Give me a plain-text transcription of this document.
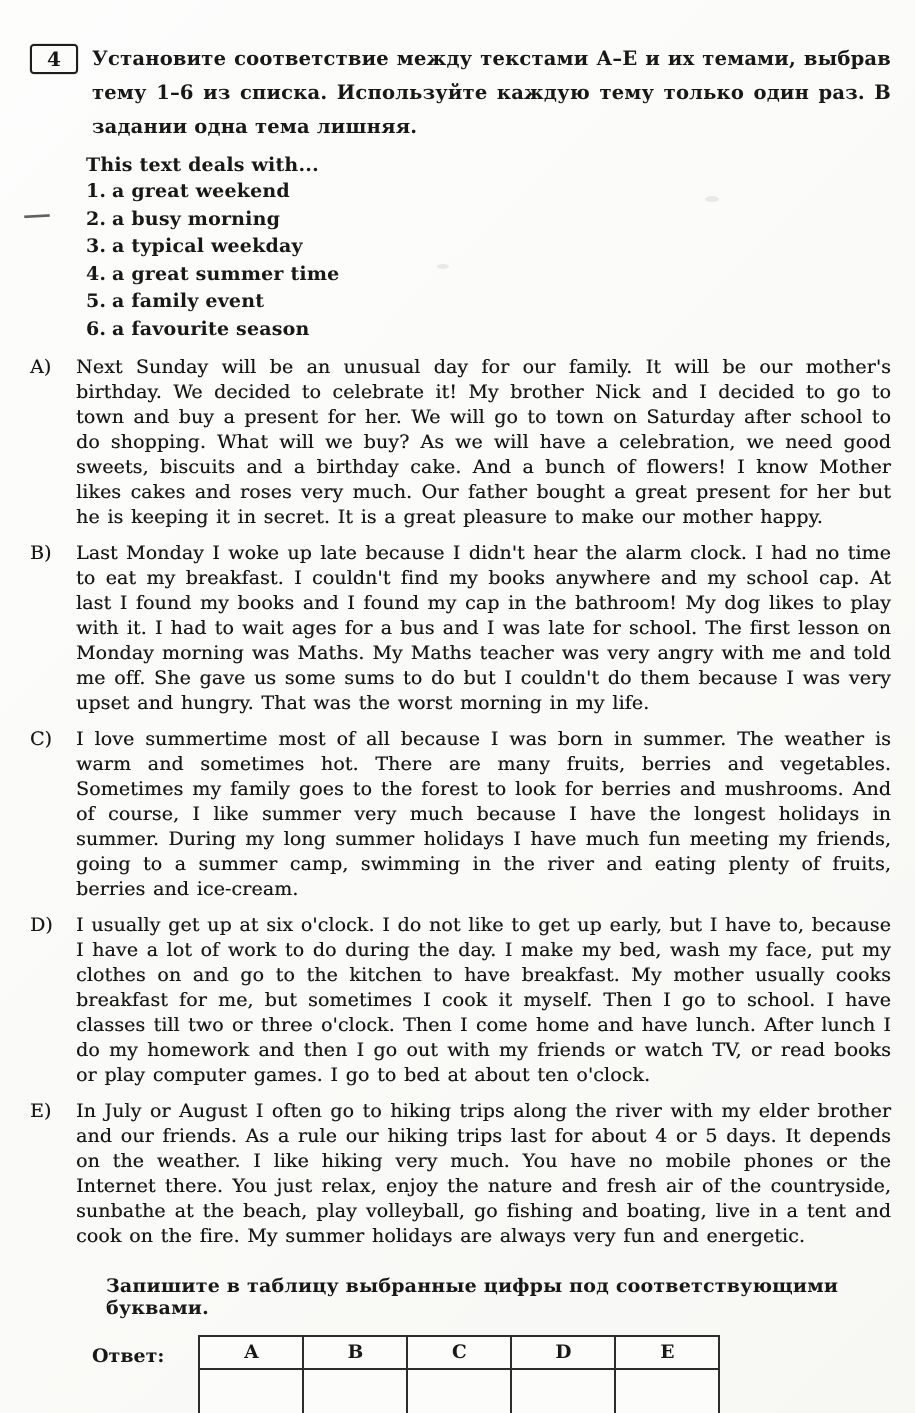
4	Установите соответствие между текстами А–Е и их темами, выбрав тему 1–6 из списка. Используйте каждую тему только один раз. В задании одна тема лишняя.
This text deals with...
1. a great weekend
— 2. a busy morning
3. a typical weekday
4. a great summer time
5. a family event
6. a favourite season
A)	Next Sunday will be an unusual day for our family. It will be our mother's birthday. We decided to celebrate it! My brother Nick and I decided to go to town and buy a present for her. We will go to town on Saturday after school to do shopping. What will we buy? As we will have a celebration, we need good sweets, biscuits and a birthday cake. And a bunch of flowers! I know Mother likes cakes and roses very much. Our father bought a great present for her but he is keeping it in secret. It is a great pleasure to make our mother happy.
B)	Last Monday I woke up late because I didn't hear the alarm clock. I had no time to eat my breakfast. I couldn't find my books anywhere and my school cap. At last I found my books and I found my cap in the bathroom! My dog likes to play with it. I had to wait ages for a bus and I was late for school. The first lesson on Monday morning was Maths. My Maths teacher was very angry with me and told me off. She gave us some sums to do but I couldn't do them because I was very upset and hungry. That was the worst morning in my life.
C)	I love summertime most of all because I was born in summer. The weather is warm and sometimes hot. There are many fruits, berries and vegetables. Sometimes my family goes to the forest to look for berries and mushrooms. And of course, I like summer very much because I have the longest holidays in summer. During my long summer holidays I have much fun meeting my friends, going to a summer camp, swimming in the river and eating plenty of fruits, berries and ice-cream.
D)	I usually get up at six o'clock. I do not like to get up early, but I have to, because I have a lot of work to do during the day. I make my bed, wash my face, put my clothes on and go to the kitchen to have breakfast. My mother usually cooks breakfast for me, but sometimes I cook it myself. Then I go to school. I have classes till two or three o'clock. Then I come home and have lunch. After lunch I do my homework and then I go out with my friends or watch TV, or read books or play computer games. I go to bed at about ten o'clock.
E)	In July or August I often go to hiking trips along the river with my elder brother and our friends. As a rule our hiking trips last for about 4 or 5 days. It depends on the weather. I like hiking very much. You have no mobile phones or the Internet there. You just relax, enjoy the nature and fresh air of the countryside, sunbathe at the beach, play volleyball, go fishing and boating, live in a tent and cook on the fire. My summer holidays are always very fun and energetic.
Запишите в таблицу выбранные цифры под соответствующими буквами.
Ответ:	A	B	C	D	E
